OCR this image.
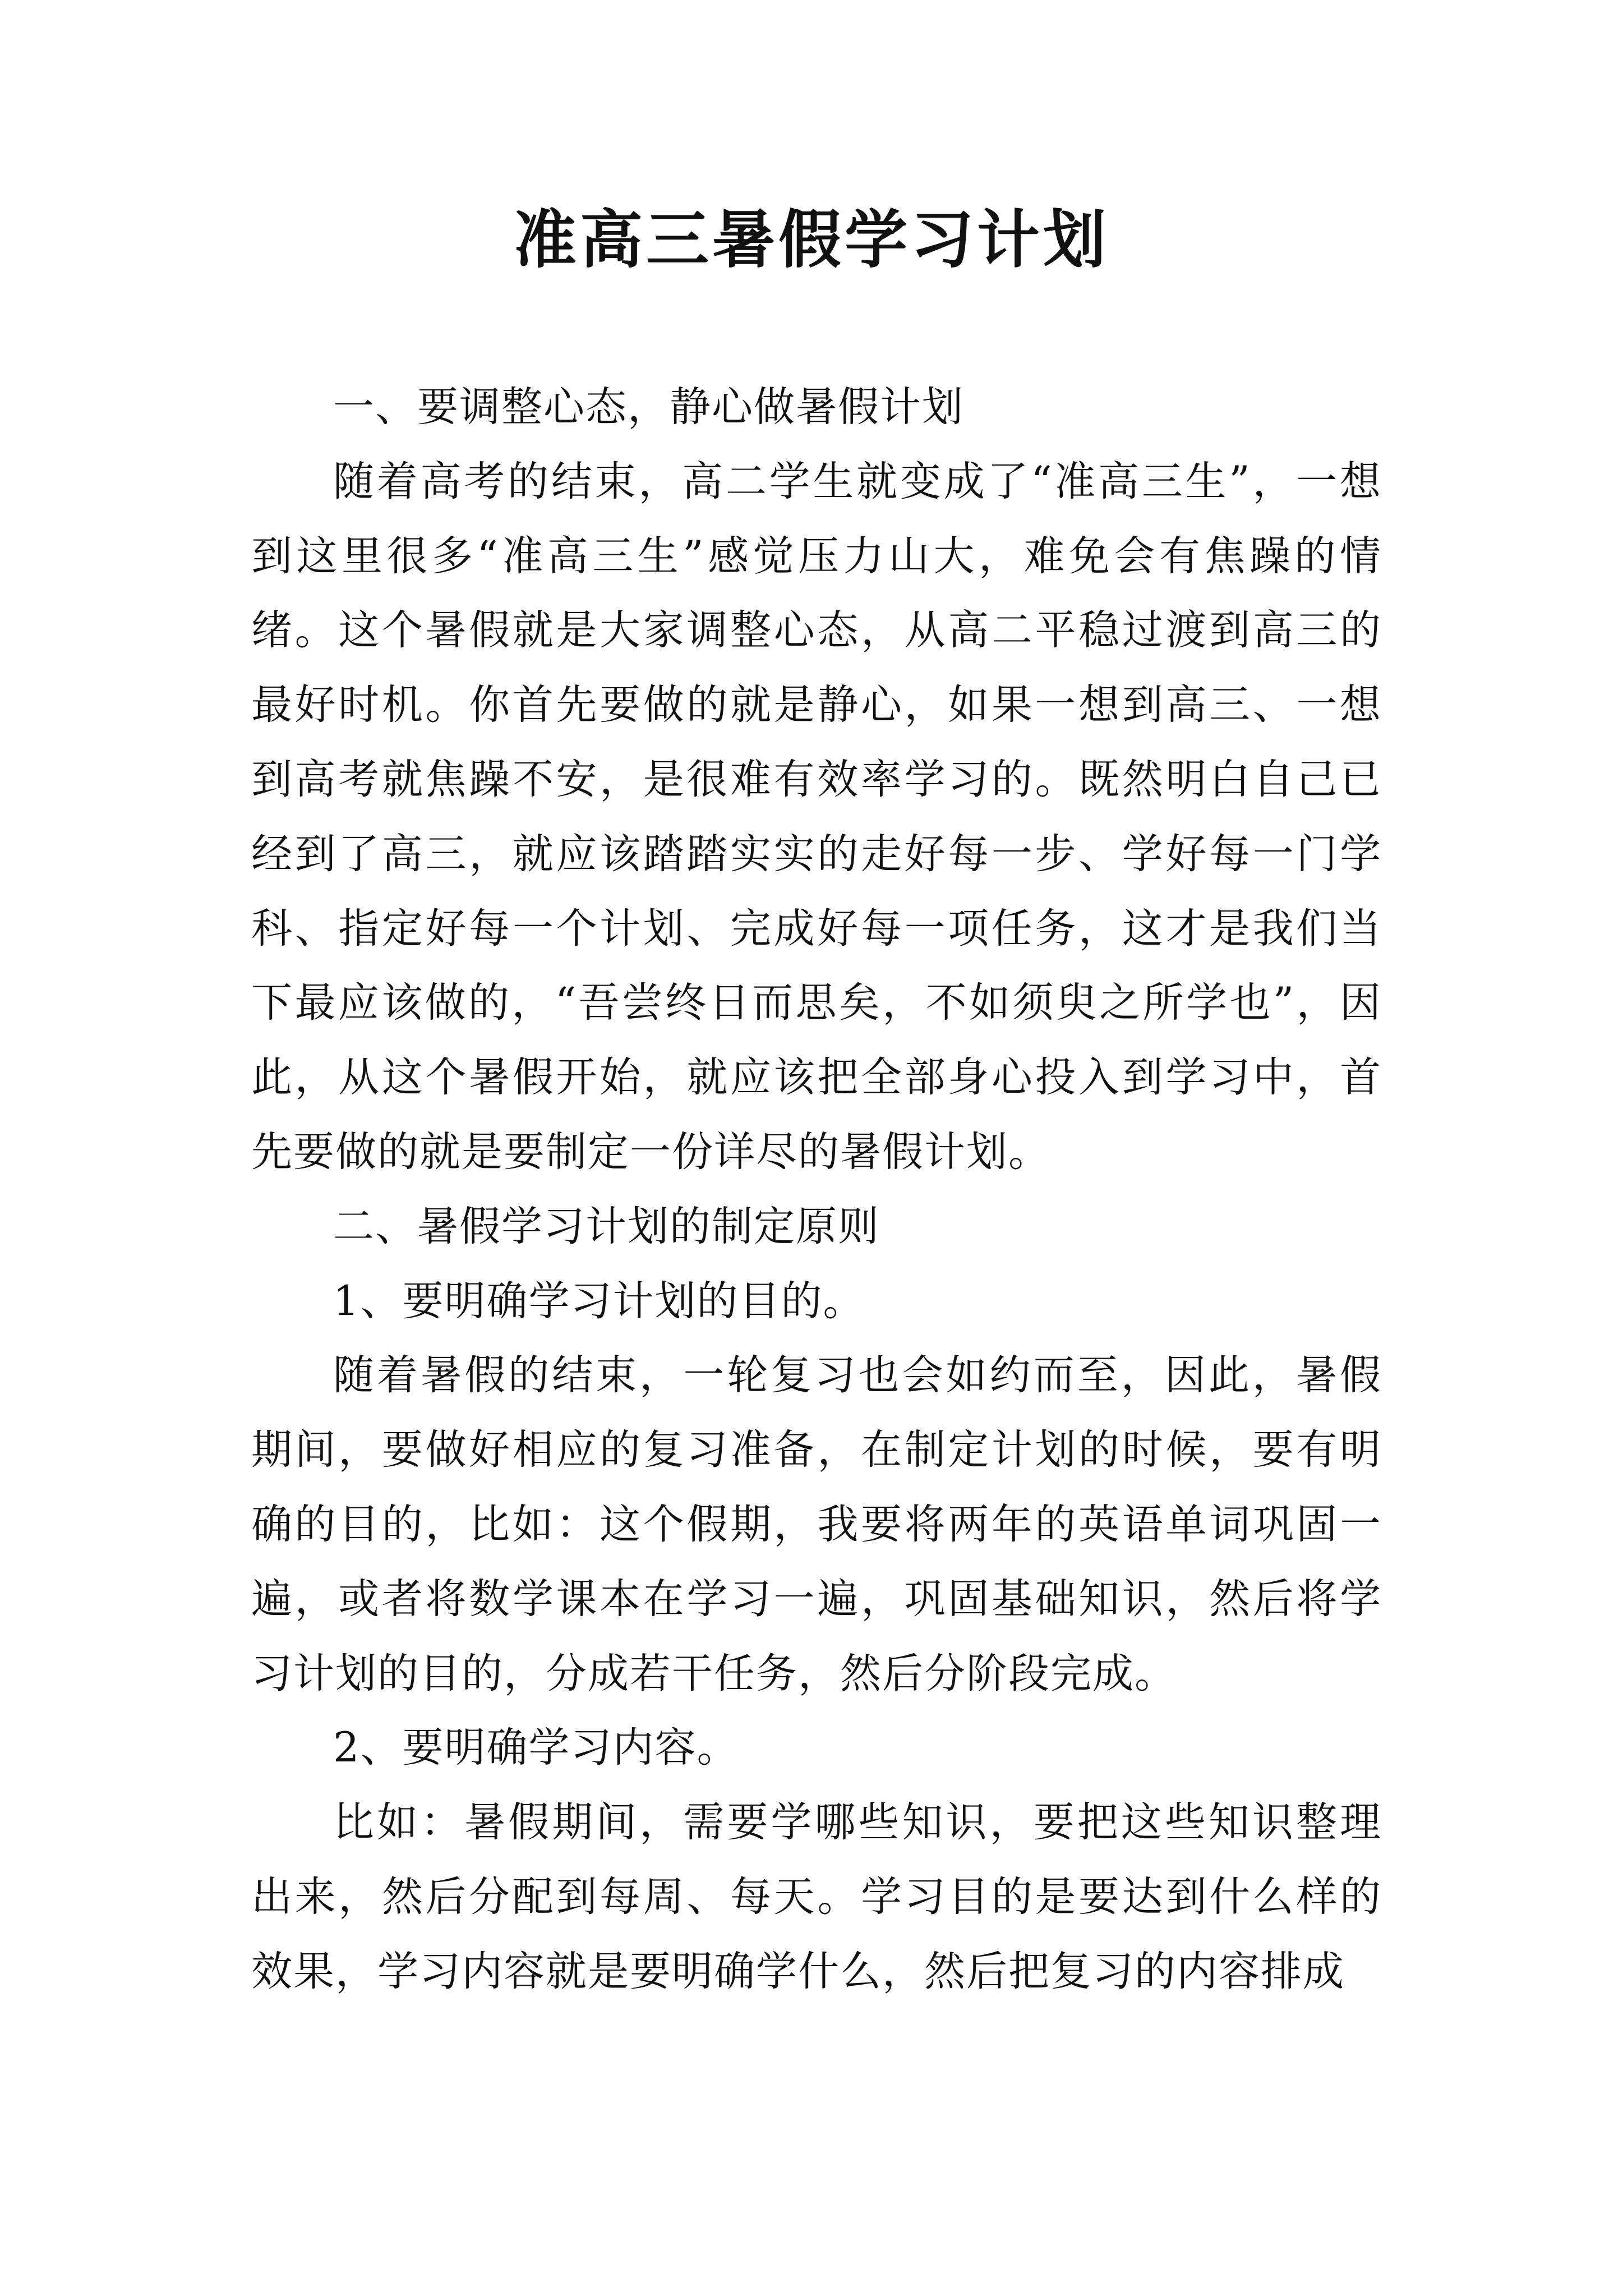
准高三暑假学习计划

一、要调整心态，静心做暑假计划

随着高考的结束，高二学生就变成了“准高三生”，一想到这里很多“准高三生”感觉压力山大，难免会有焦躁的情绪。这个暑假就是大家调整心态，从高二平稳过渡到高三的最好时机。你首先要做的就是静心，如果一想到高三、一想到高考就焦躁不安，是很难有效率学习的。既然明白自己已经到了高三，就应该踏踏实实的走好每一步、学好每一门学科、指定好每一个计划、完成好每一项任务，这才是我们当下最应该做的，“吾尝终日而思矣，不如须臾之所学也”，因此，从这个暑假开始，就应该把全部身心投入到学习中，首先要做的就是要制定一份详尽的暑假计划。

二、暑假学习计划的制定原则

1、要明确学习计划的目的。

随着暑假的结束，一轮复习也会如约而至，因此，暑假期间，要做好相应的复习准备，在制定计划的时候，要有明确的目的，比如：这个假期，我要将两年的英语单词巩固一遍，或者将数学课本在学习一遍，巩固基础知识，然后将学习计划的目的，分成若干任务，然后分阶段完成。

2、要明确学习内容。

比如：暑假期间，需要学哪些知识，要把这些知识整理出来，然后分配到每周、每天。学习目的是要达到什么样的效果，学习内容就是要明确学什么，然后把复习的内容排成
